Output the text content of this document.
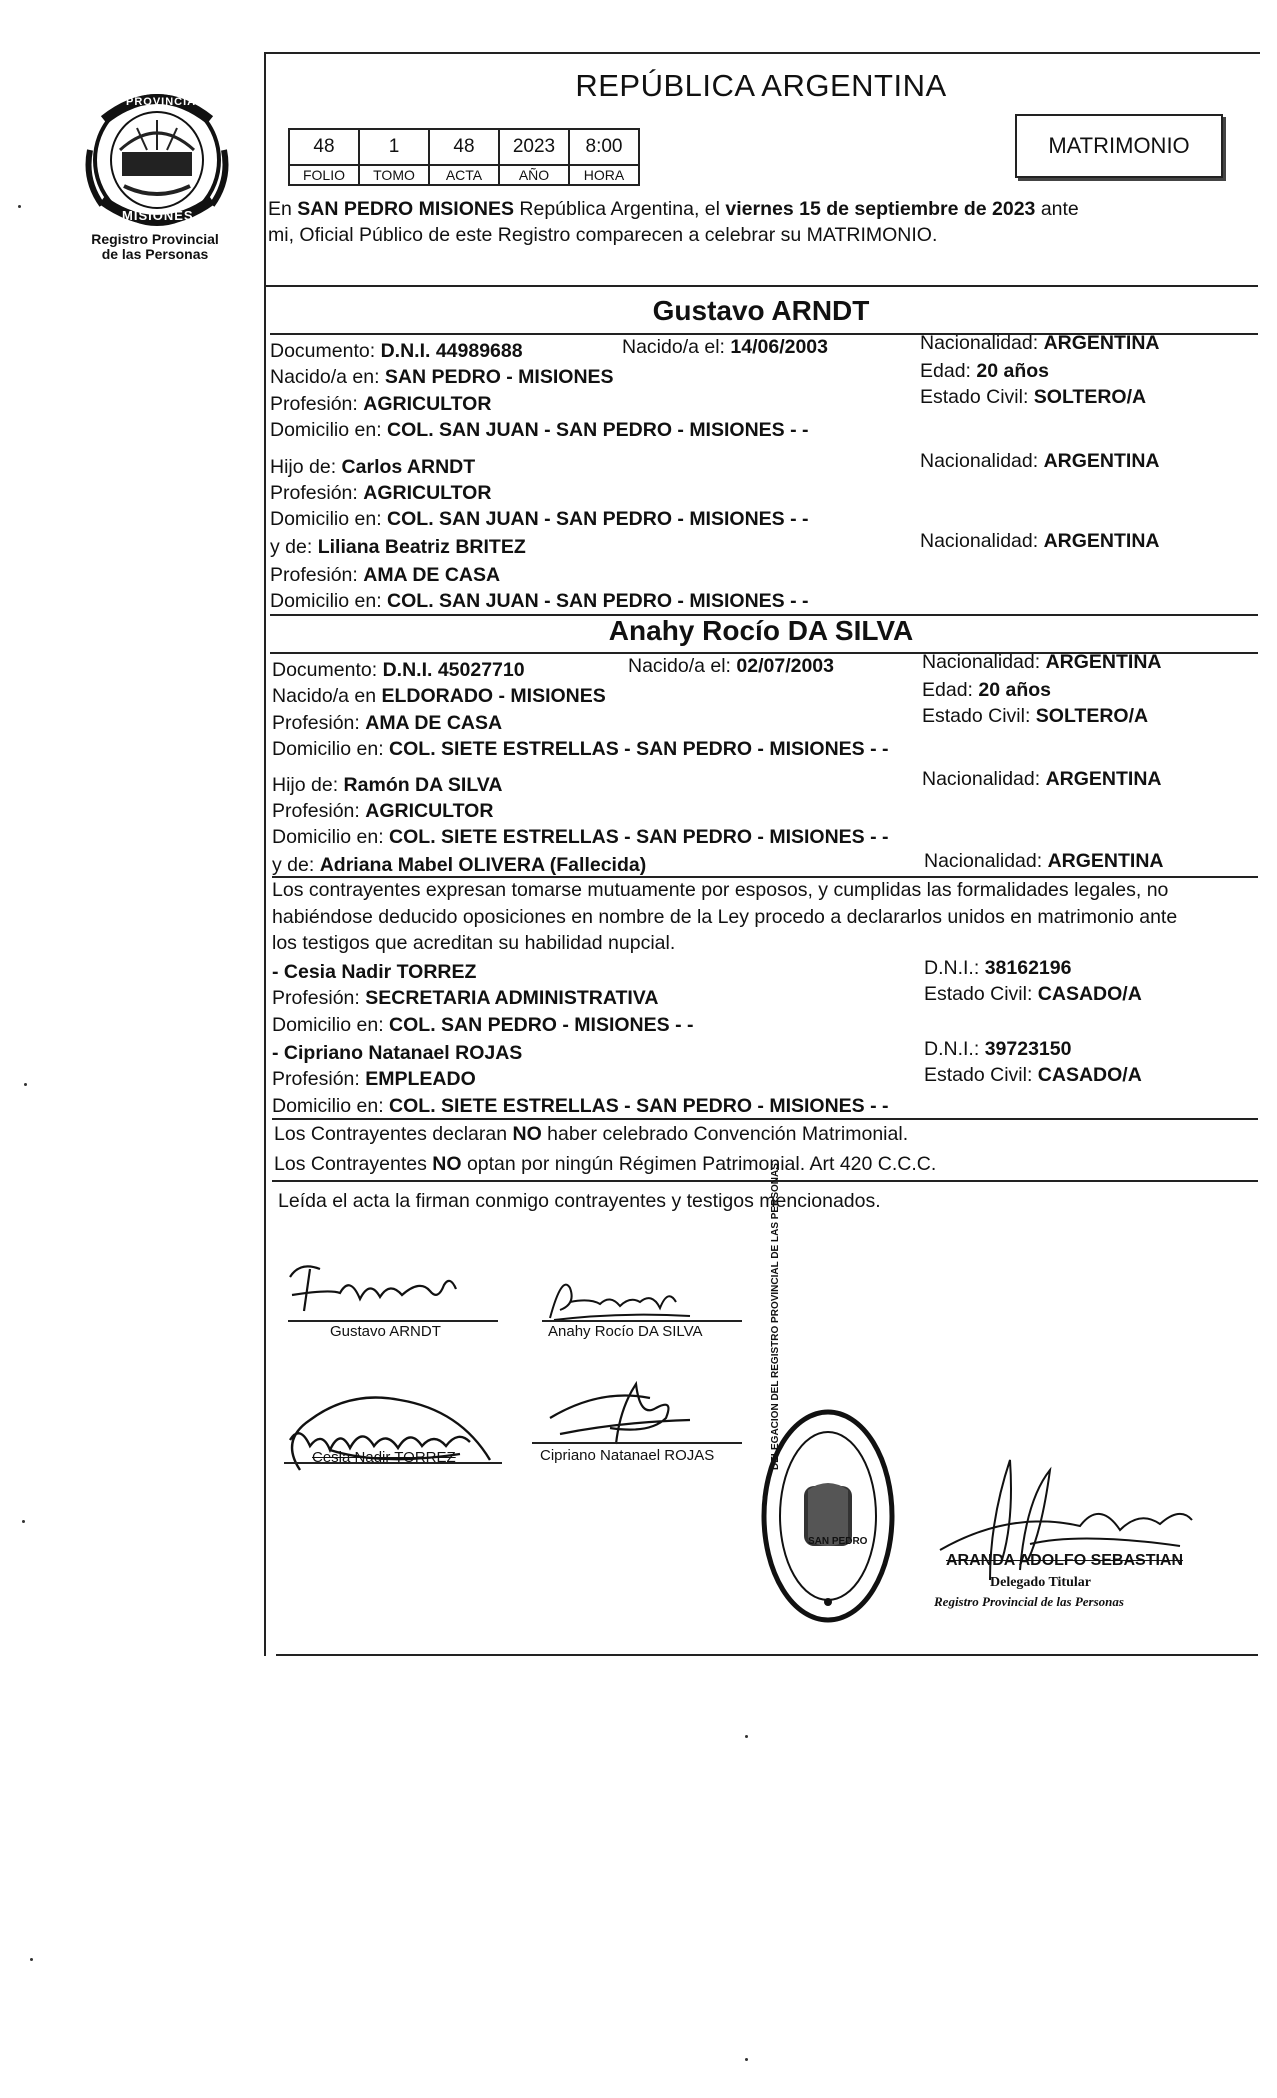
PROVINCIA DE
MISIONES
Registro Provincial
de las Personas
REPÚBLICA ARGENTINA
48	1	48	2023	8:00
FOLIO	TOMO	ACTA	AÑO	HORA
MATRIMONIO
En SAN PEDRO MISIONES República Argentina, el viernes 15 de septiembre de 2023 ante
mi, Oficial Público de este Registro comparecen a celebrar su MATRIMONIO.
Gustavo ARNDT
Documento: D.N.I. 44989688	Nacido/a el: 14/06/2003	Nacionalidad: ARGENTINA
Nacido/a en: SAN PEDRO - MISIONES	Edad: 20 años
Profesión: AGRICULTOR	Estado Civil: SOLTERO/A
Domicilio en: COL. SAN JUAN - SAN PEDRO - MISIONES - -
Hijo de: Carlos ARNDT	Nacionalidad: ARGENTINA
Profesión: AGRICULTOR
Domicilio en: COL. SAN JUAN - SAN PEDRO - MISIONES - -
y de: Liliana Beatriz BRITEZ	Nacionalidad: ARGENTINA
Profesión: AMA DE CASA
Domicilio en: COL. SAN JUAN - SAN PEDRO - MISIONES - -
Anahy Rocío DA SILVA
Documento: D.N.I. 45027710	Nacido/a el: 02/07/2003	Nacionalidad: ARGENTINA
Nacido/a en ELDORADO - MISIONES	Edad: 20 años
Profesión: AMA DE CASA	Estado Civil: SOLTERO/A
Domicilio en: COL. SIETE ESTRELLAS - SAN PEDRO - MISIONES - -
Hijo de: Ramón DA SILVA	Nacionalidad: ARGENTINA
Profesión: AGRICULTOR
Domicilio en: COL. SIETE ESTRELLAS - SAN PEDRO - MISIONES - -
y de: Adriana Mabel OLIVERA (Fallecida)	Nacionalidad: ARGENTINA
Los contrayentes expresan tomarse mutuamente por esposos, y cumplidas las formalidades legales, no
habiéndose deducido oposiciones en nombre de la Ley procedo a declararlos unidos en matrimonio ante
los testigos que acreditan su habilidad nupcial.
- Cesia Nadir TORREZ	D.N.I.: 38162196
Profesión: SECRETARIA ADMINISTRATIVA	Estado Civil: CASADO/A
Domicilio en: COL. SAN PEDRO - MISIONES - -
- Cipriano Natanael ROJAS	D.N.I.: 39723150
Profesión: EMPLEADO	Estado Civil: CASADO/A
Domicilio en: COL. SIETE ESTRELLAS - SAN PEDRO - MISIONES - -
Los Contrayentes declaran NO haber celebrado Convención Matrimonial.
Los Contrayentes NO optan por ningún Régimen Patrimonial. Art 420 C.C.C.
Leída el acta la firman conmigo contrayentes y testigos mencionados.
Gustavo ARNDT	Anahy Rocío DA SILVA
Cesia Nadir TORREZ	Cipriano Natanael ROJAS	DELEGACION DEL REGISTRO PROVINCIAL DE LAS PERSONAS
SAN PEDRO
ARANDA ADOLFO SEBASTIAN
Delegado Titular
Registro Provincial de las Personas
